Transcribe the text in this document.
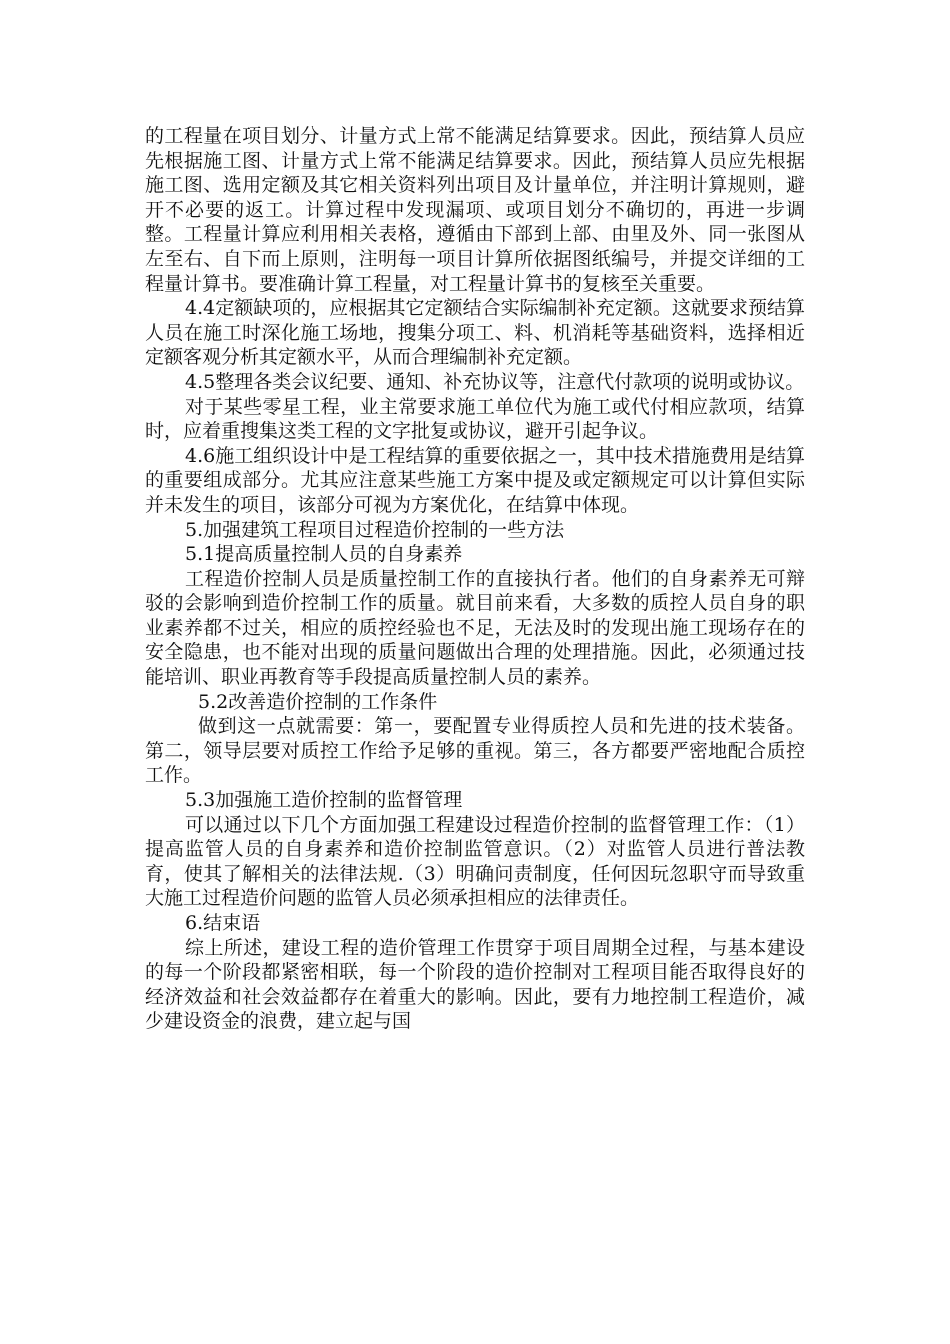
的工程量在项目划分、计量方式上常不能满足结算要求。因此，预结算人员应先根据施工图、计量方式上常不能满足结算要求。因此，预结算人员应先根据施工图、选用定额及其它相关资料列出项目及计量单位，并注明计算规则，避开不必要的返工。计算过程中发现漏项、或项目划分不确切的，再进一步调整。工程量计算应利用相关表格，遵循由下部到上部、由里及外、同一张图从左至右、自下而上原则，注明每一项目计算所依据图纸编号，并提交详细的工程量计算书。要准确计算工程量，对工程量计算书的复核至关重要。

4.4定额缺项的，应根据其它定额结合实际编制补充定额。这就要求预结算人员在施工时深化施工场地，搜集分项工、料、机消耗等基础资料，选择相近定额客观分析其定额水平，从而合理编制补充定额。

4.5整理各类会议纪要、通知、补充协议等，注意代付款项的说明或协议。

对于某些零星工程，业主常要求施工单位代为施工或代付相应款项，结算时，应着重搜集这类工程的文字批复或协议，避开引起争议。

4.6施工组织设计中是工程结算的重要依据之一，其中技术措施费用是结算的重要组成部分。尤其应注意某些施工方案中提及或定额规定可以计算但实际并未发生的项目，该部分可视为方案优化，在结算中体现。

5.加强建筑工程项目过程造价控制的一些方法

5.1提高质量控制人员的自身素养

工程造价控制人员是质量控制工作的直接执行者。他们的自身素养无可辩驳的会影响到造价控制工作的质量。就目前来看，大多数的质控人员自身的职业素养都不过关，相应的质控经验也不足，无法及时的发现出施工现场存在的安全隐患，也不能对出现的质量问题做出合理的处理措施。因此，必须通过技能培训、职业再教育等手段提高质量控制人员的素养。

5.2改善造价控制的工作条件

做到这一点就需要：第一，要配置专业得质控人员和先进的技术装备。第二，领导层要对质控工作给予足够的重视。第三，各方都要严密地配合质控工作。

5.3加强施工造价控制的监督管理

可以通过以下几个方面加强工程建设过程造价控制的监督管理工作：（1）提高监管人员的自身素养和造价控制监管意识。（2）对监管人员进行普法教育，使其了解相关的法律法规.（3）明确问责制度，任何因玩忽职守而导致重大施工过程造价问题的监管人员必须承担相应的法律责任。

6.结束语

综上所述，建设工程的造价管理工作贯穿于项目周期全过程，与基本建设的每一个阶段都紧密相联，每一个阶段的造价控制对工程项目能否取得良好的经济效益和社会效益都存在着重大的影响。因此，要有力地控制工程造价，减少建设资金的浪费，建立起与国
